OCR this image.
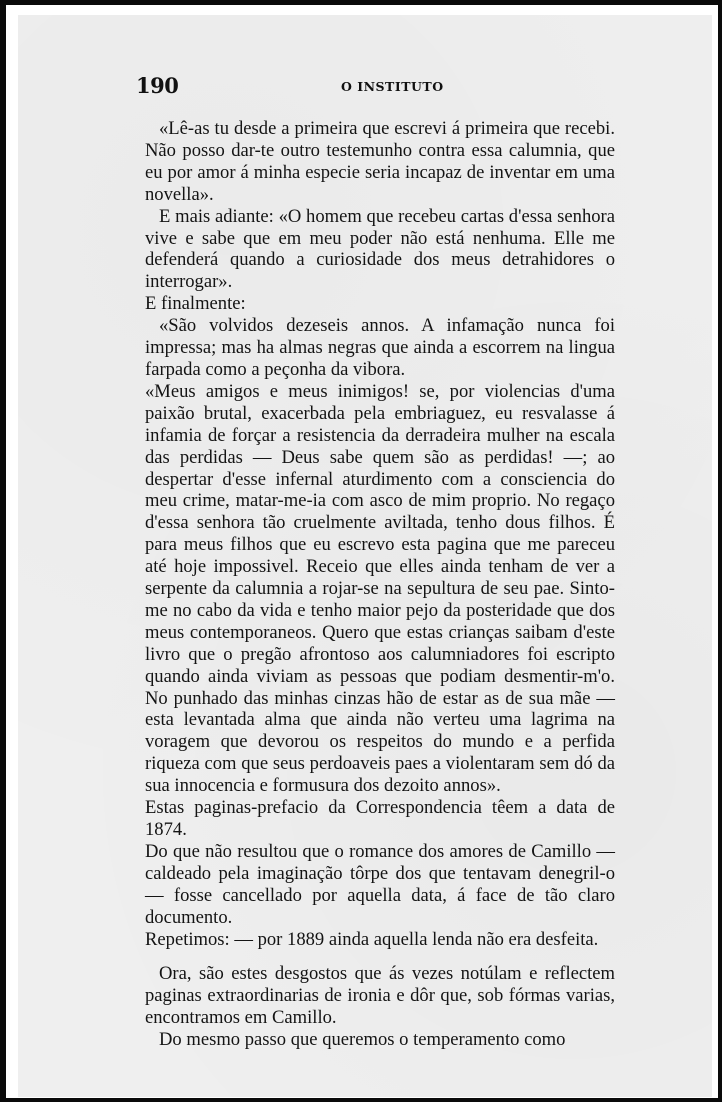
190	O INSTITUTO

«Lê-as tu desde a primeira que escrevi á primeira que recebi. Não posso dar-te outro testemunho contra essa calumnia, que eu por amor á minha especie seria incapaz de inventar em uma novella».

E mais adiante: «O homem que recebeu cartas d'essa senhora vive e sabe que em meu poder não está nenhuma. Elle me defenderá quando a curiosidade dos meus detrahidores o interrogar».

E finalmente:

«São volvidos dezeseis annos. A infamação nunca foi impressa; mas ha almas negras que ainda a escorrem na lingua farpada como a peçonha da vibora.

«Meus amigos e meus inimigos! se, por violencias d'uma paixão brutal, exacerbada pela embriaguez, eu resvalasse á infamia de forçar a resistencia da derradeira mulher na escala das perdidas — Deus sabe quem são as perdidas! —; ao despertar d'esse infernal aturdimento com a consciencia do meu crime, matar-me-ia com asco de mim proprio. No regaço d'essa senhora tão cruelmente aviltada, tenho dous filhos. É para meus filhos que eu escrevo esta pagina que me pareceu até hoje impossivel. Receio que elles ainda tenham de ver a serpente da calumnia a rojar-se na sepultura de seu pae. Sinto-me no cabo da vida e tenho maior pejo da posteridade que dos meus contemporaneos. Quero que estas crianças saibam d'este livro que o pregão afrontoso aos calumniadores foi escripto quando ainda viviam as pessoas que podiam desmentir-m'o. No punhado das minhas cinzas hão de estar as de sua mãe — esta levantada alma que ainda não verteu uma lagrima na voragem que devorou os respeitos do mundo e a perfida riqueza com que seus perdoaveis paes a violentaram sem dó da sua innocencia e formusura dos dezoito annos».

Estas paginas-prefacio da Correspondencia têem a data de 1874.

Do que não resultou que o romance dos amores de Camillo — caldeado pela imaginação tôrpe dos que tentavam denegril-o — fosse cancellado por aquella data, á face de tão claro documento.

Repetimos: — por 1889 ainda aquella lenda não era desfeita.

Ora, são estes desgostos que ás vezes notúlam e reflectem paginas extraordinarias de ironia e dôr que, sob fórmas varias, encontramos em Camillo.

Do mesmo passo que queremos o temperamento como
